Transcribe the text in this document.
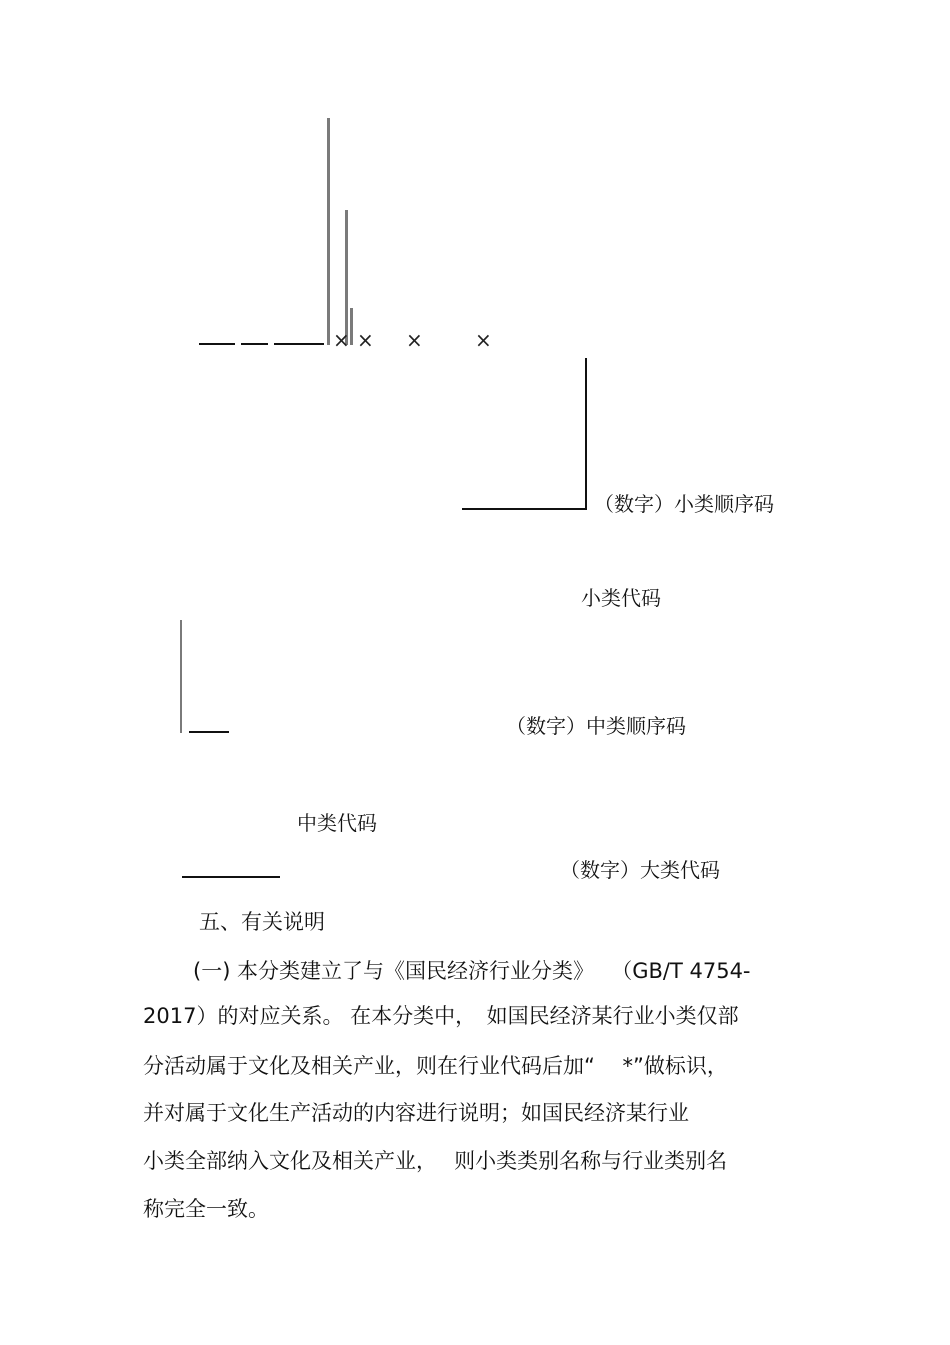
× × ×	×
（数字）小类顺序码
小类代码
（数字）中类顺序码
中类代码
（数字）大类代码
五、有关说明
(一) 本分类建立了与《国民经济行业分类》　 （GB/T 4754-
2017）的对应关系。 在本分类中，　如国民经济某行业小类仅部
分活动属于文化及相关产业，则在行业代码后加“　 *”做标识，
并对属于文化生产活动的内容进行说明；如国民经济某行业
小类全部纳入文化及相关产业，　 则小类类别名称与行业类别名
称完全一致。
